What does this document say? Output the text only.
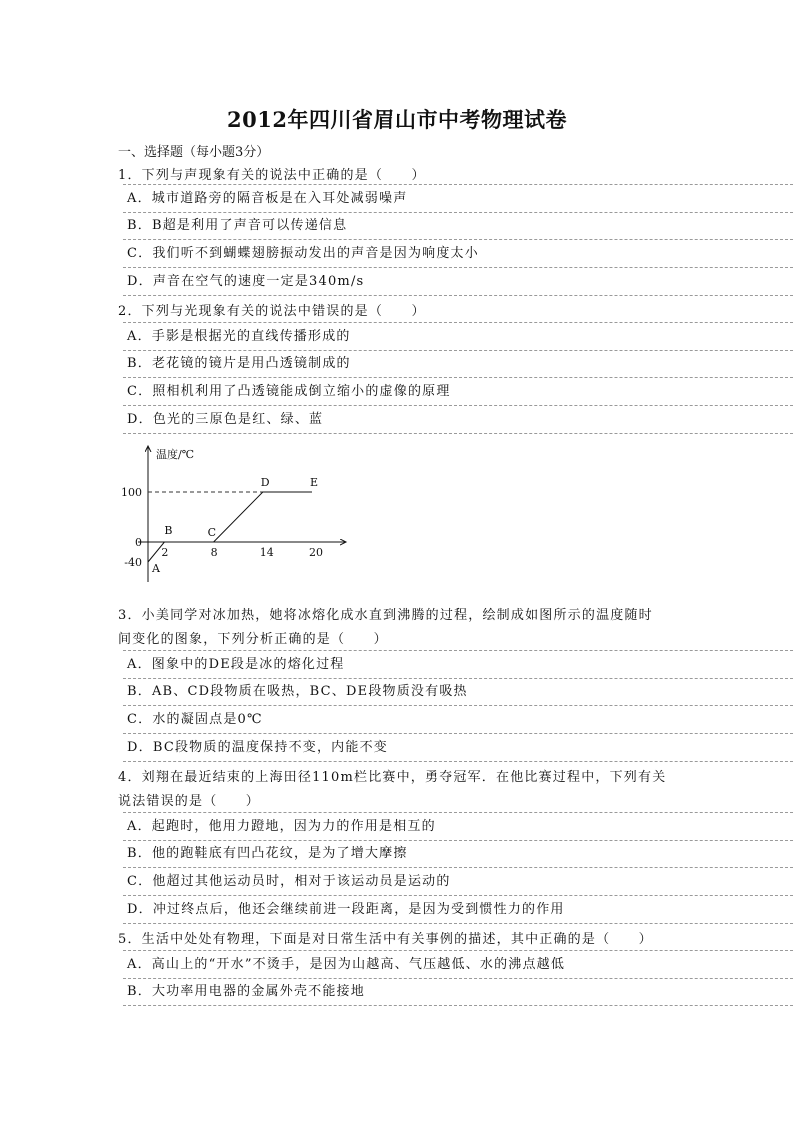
2012年四川省眉山市中考物理试卷
一、选择题（每小题3分）
1．下列与声现象有关的说法中正确的是（　　）
A．城市道路旁的隔音板是在入耳处减弱噪声
B．B超是利用了声音可以传递信息
C．我们听不到蝴蝶翅膀振动发出的声音是因为响度太小
D．声音在空气的速度一定是340m/s
2．下列与光现象有关的说法中错误的是（　　）
A．手影是根据光的直线传播形成的
B．老花镜的镜片是用凸透镜制成的
C．照相机利用了凸透镜能成倒立缩小的虚像的原理
D．色光的三原色是红、绿、蓝
温度/℃
A
B	C
D	E
2	8	14	20
100
0
-40
3．小美同学对冰加热，她将冰熔化成水直到沸腾的过程，绘制成如图所示的温度随时
间变化的图象，下列分析正确的是（　　）
A．图象中的DE段是冰的熔化过程
B．AB、CD段物质在吸热，BC、DE段物质没有吸热
C．水的凝固点是0℃
D．BC段物质的温度保持不变，内能不变
4．刘翔在最近结束的上海田径110m栏比赛中，勇夺冠军．在他比赛过程中，下列有关
说法错误的是（　　）
A．起跑时，他用力蹬地，因为力的作用是相互的
B．他的跑鞋底有凹凸花纹，是为了增大摩擦
C．他超过其他运动员时，相对于该运动员是运动的
D．冲过终点后，他还会继续前进一段距离，是因为受到惯性力的作用
5．生活中处处有物理，下面是对日常生活中有关事例的描述，其中正确的是（　　）
A．高山上的“开水”不烫手，是因为山越高、气压越低、水的沸点越低
B．大功率用电器的金属外壳不能接地
